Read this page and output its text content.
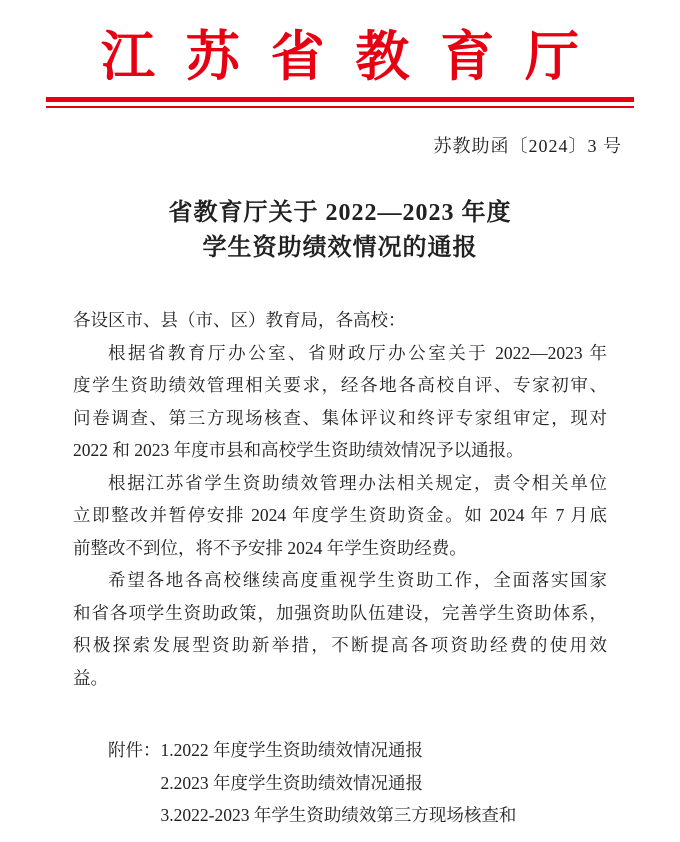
江 苏 省 教 育 厅
苏教助函〔2024〕3 号
省教育厅关于 2022—2023 年度
学生资助绩效情况的通报
各设区市、县（市、区）教育局，各高校：
根据省教育厅办公室、省财政厅办公室关于 2022—2023 年
度学生资助绩效管理相关要求，经各地各高校自评、专家初审、
问卷调查、第三方现场核查、集体评议和终评专家组审定，现对
2022 和 2023 年度市县和高校学生资助绩效情况予以通报。
根据江苏省学生资助绩效管理办法相关规定，责令相关单位
立即整改并暂停安排 2024 年度学生资助资金。如 2024 年 7 月底
前整改不到位，将不予安排 2024 年学生资助经费。
希望各地各高校继续高度重视学生资助工作，全面落实国家
和省各项学生资助政策，加强资助队伍建设，完善学生资助体系，
积极探索发展型资助新举措，不断提高各项资助经费的使用效
益。
附件：1.2022 年度学生资助绩效情况通报
2.2023 年度学生资助绩效情况通报
3.2022-2023 年学生资助绩效第三方现场核查和
